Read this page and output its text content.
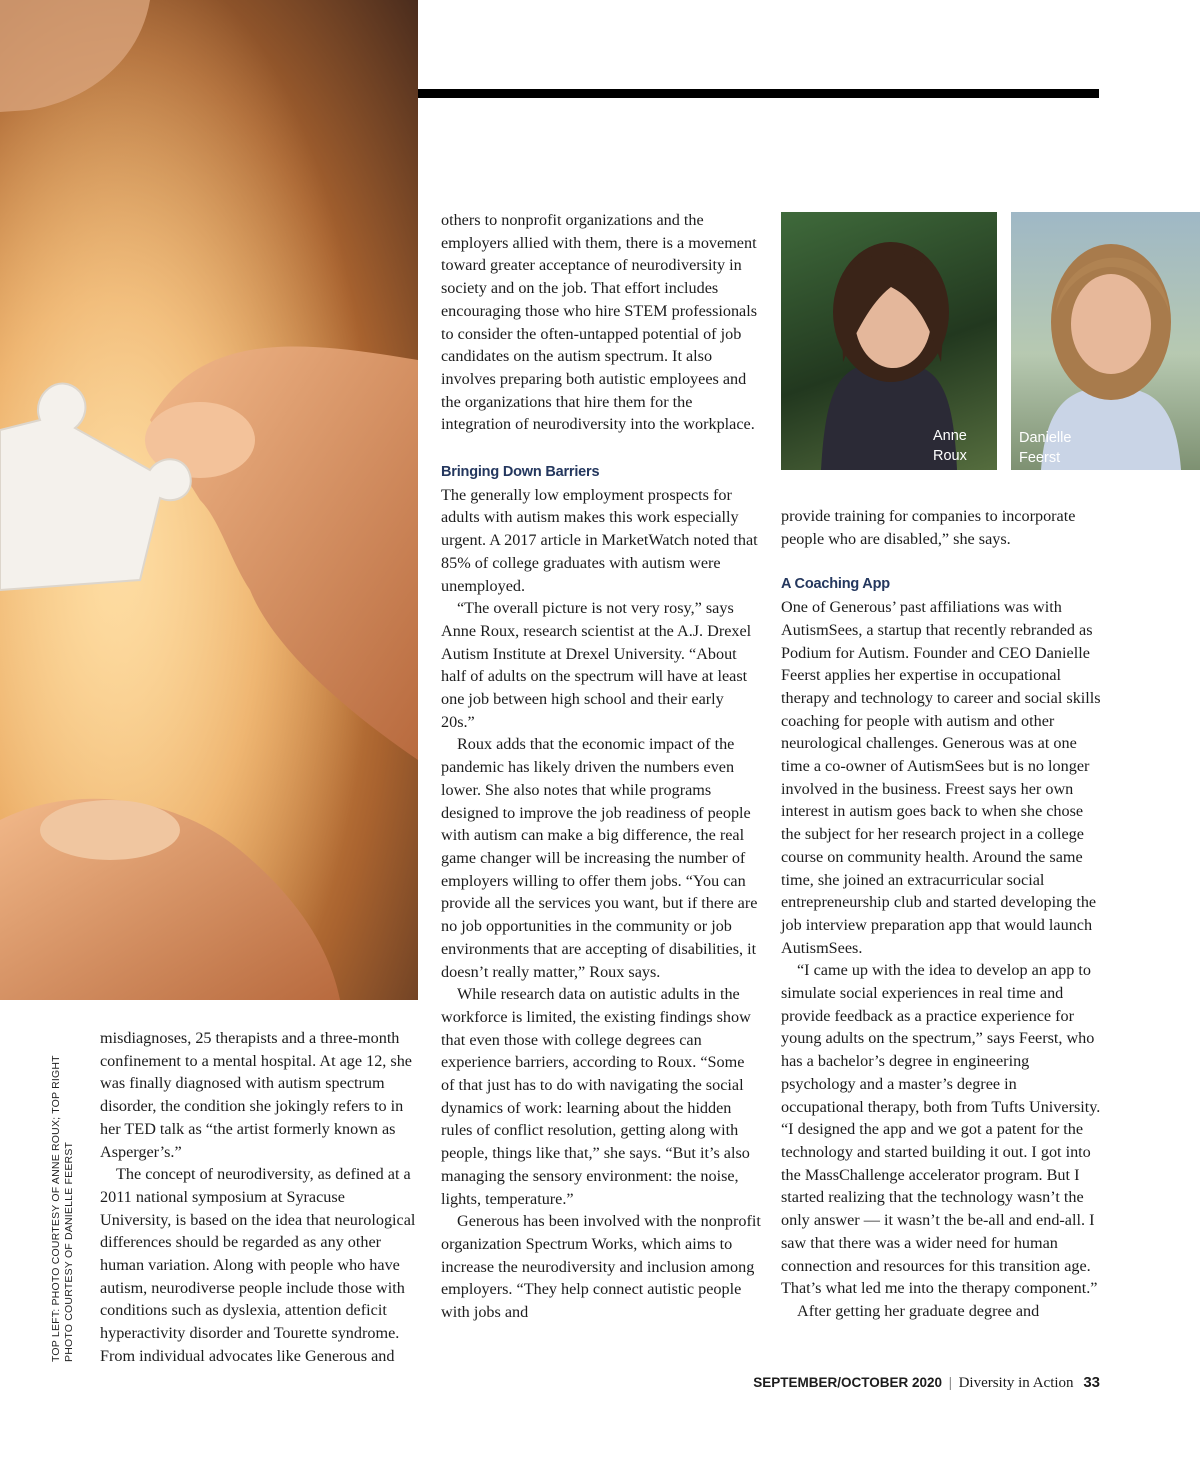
Anne
Roux
Danielle
Feerst
TOP LEFT: PHOTO COURTESY OF ANNE ROUX; TOP RIGHT PHOTO COURTESY OF DANIELLE FEERST

misdiagnoses, 25 therapists and a three-month confinement to a mental hospital. At age 12, she was finally diagnosed with autism spectrum disorder, the condition she jokingly refers to in her TED talk as “the artist formerly known as Asperger’s.”

The concept of neurodiversity, as defined at a 2011 national symposium at Syracuse University, is based on the idea that neurological differences should be regarded as any other human variation. Along with people who have autism, neurodiverse people include those with conditions such as dyslexia, attention deficit hyperactivity disorder and Tourette syndrome. From individual advocates like Generous and

others to nonprofit organizations and the employers allied with them, there is a movement toward greater acceptance of neurodiversity in society and on the job. That effort includes encouraging those who hire STEM professionals to consider the often-untapped potential of job candidates on the autism spectrum. It also involves preparing both autistic employees and the organizations that hire them for the integration of neurodiversity into the workplace.

Bringing Down Barriers

The generally low employment prospects for adults with autism makes this work especially urgent. A 2017 article in MarketWatch noted that 85% of college graduates with autism were unemployed.

“The overall picture is not very rosy,” says Anne Roux, research scientist at the A.J. Drexel Autism Institute at Drexel University. “About half of adults on the spectrum will have at least one job between high school and their early 20s.”

Roux adds that the economic impact of the pandemic has likely driven the numbers even lower. She also notes that while programs designed to improve the job readiness of people with autism can make a big difference, the real game changer will be increasing the number of employers willing to offer them jobs. “You can provide all the services you want, but if there are no job opportunities in the community or job environments that are accepting of disabilities, it doesn’t really matter,” Roux says.

While research data on autistic adults in the workforce is limited, the existing findings show that even those with college degrees can experience barriers, according to Roux. “Some of that just has to do with navigating the social dynamics of work: learning about the hidden rules of conflict resolution, getting along with people, things like that,” she says. “But it’s also managing the sensory environment: the noise, lights, temperature.”

Generous has been involved with the nonprofit organization Spectrum Works, which aims to increase the neurodiversity and inclusion among employers. “They help connect autistic people with jobs and

provide training for companies to incorporate people who are disabled,” she says.

A Coaching App

One of Generous’ past affiliations was with AutismSees, a startup that recently rebranded as Podium for Autism. Founder and CEO Danielle Feerst applies her expertise in occupational therapy and technology to career and social skills coaching for people with autism and other neurological challenges. Generous was at one time a co-owner of AutismSees but is no longer involved in the business. Freest says her own interest in autism goes back to when she chose the subject for her research project in a college course on community health. Around the same time, she joined an extracurricular social entrepreneurship club and started developing the job interview preparation app that would launch AutismSees.

“I came up with the idea to develop an app to simulate social experiences in real time and provide feedback as a practice experience for young adults on the spectrum,” says Feerst, who has a bachelor’s degree in engineering psychology and a master’s degree in occupational therapy, both from Tufts University. “I designed the app and we got a patent for the technology and started building it out. I got into the MassChallenge accelerator program. But I started realizing that the technology wasn’t the only answer — it wasn’t the be-all and end-all. I saw that there was a wider need for human connection and resources for this transition age. That’s what led me into the therapy component.”

After getting her graduate degree and

SEPTEMBER/OCTOBER 2020 | Diversity in Action 33
